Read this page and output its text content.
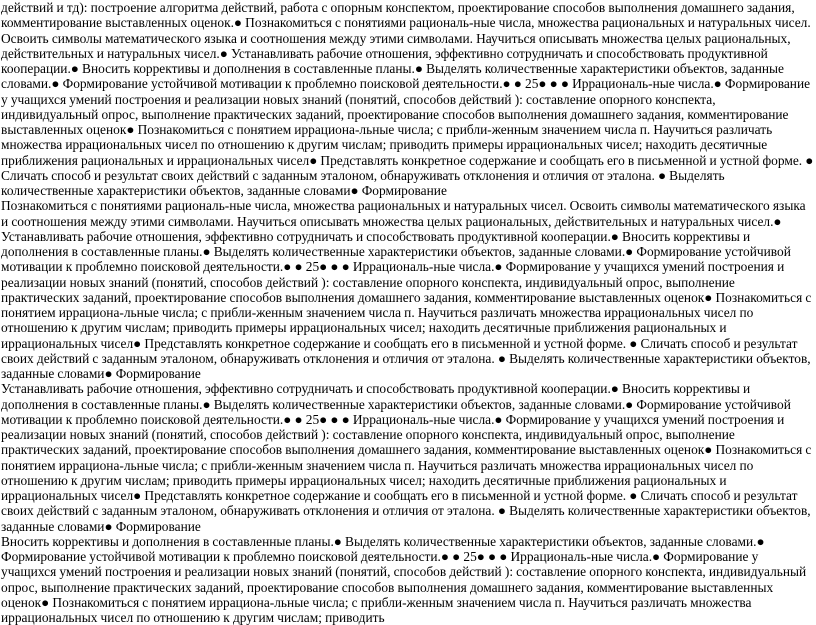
действий и тд): построение алгоритма действий, работа с опорным конспектом, проектирование способов выполнения домашнего задания, комментирование выставленных оценок.● Познакомиться с понятиями рациональ-ные числа, множества рациональных и натуральных чисел. Освоить символы математического языка и соотношения между этими символами. Научиться описывать множества целых рациональных, действительных и натуральных чисел.● Устанавливать рабочие отношения, эффективно сотрудничать и способствовать продуктивной кооперации.● Вносить коррективы и дополнения в составленные планы.● Выделять количественные характеристики объектов, заданные словами.● Формирование устойчивой мотивации к проблемно поисковой деятельности.● ● 25● ● ● Иррациональ-ные числа.● Формирование у учащихся умений построения и реализации новых знаний (понятий, способов действий ): составление опорного конспекта, индивидуальный опрос, выполнение практических заданий, проектирование способов выполнения домашнего задания, комментирование выставленных оценок● Познакомиться с понятием иррациона-льные числа; с прибли-женным значением числа п. Научиться различать множества иррациональных чисел по отношению к другим числам; приводить примеры иррациональных чисел; находить десятичные приближения рациональных и иррациональных чисел● Представлять конкретное содержание и сообщать его в письменной и устной форме. ● Сличать способ и результат своих действий с заданным эталоном, обнаруживать отклонения и отличия от эталона. ● Выделять количественные характеристики объектов, заданные словами● Формирование

Познакомиться с понятиями рациональ-ные числа, множества рациональных и натуральных чисел. Освоить символы математического языка и соотношения между этими символами. Научиться описывать множества целых рациональных, действительных и натуральных чисел.● Устанавливать рабочие отношения, эффективно сотрудничать и способствовать продуктивной кооперации.● Вносить коррективы и дополнения в составленные планы.● Выделять количественные характеристики объектов, заданные словами.● Формирование устойчивой мотивации к проблемно поисковой деятельности.● ● 25● ● ● Иррациональ-ные числа.● Формирование у учащихся умений построения и реализации новых знаний (понятий, способов действий ): составление опорного конспекта, индивидуальный опрос, выполнение практических заданий, проектирование способов выполнения домашнего задания, комментирование выставленных оценок● Познакомиться с понятием иррациона-льные числа; с прибли-женным значением числа п. Научиться различать множества иррациональных чисел по отношению к другим числам; приводить примеры иррациональных чисел; находить десятичные приближения рациональных и иррациональных чисел● Представлять конкретное содержание и сообщать его в письменной и устной форме. ● Сличать способ и результат своих действий с заданным эталоном, обнаруживать отклонения и отличия от эталона. ● Выделять количественные характеристики объектов, заданные словами● Формирование

Устанавливать рабочие отношения, эффективно сотрудничать и способствовать продуктивной кооперации.● Вносить коррективы и дополнения в составленные планы.● Выделять количественные характеристики объектов, заданные словами.● Формирование устойчивой мотивации к проблемно поисковой деятельности.● ● 25● ● ● Иррациональ-ные числа.● Формирование у учащихся умений построения и реализации новых знаний (понятий, способов действий ): составление опорного конспекта, индивидуальный опрос, выполнение практических заданий, проектирование способов выполнения домашнего задания, комментирование выставленных оценок● Познакомиться с понятием иррациона-льные числа; с прибли-женным значением числа п. Научиться различать множества иррациональных чисел по отношению к другим числам; приводить примеры иррациональных чисел; находить десятичные приближения рациональных и иррациональных чисел● Представлять конкретное содержание и сообщать его в письменной и устной форме. ● Сличать способ и результат своих действий с заданным эталоном, обнаруживать отклонения и отличия от эталона. ● Выделять количественные характеристики объектов, заданные словами● Формирование

Вносить коррективы и дополнения в составленные планы.● Выделять количественные характеристики объектов, заданные словами.● Формирование устойчивой мотивации к проблемно поисковой деятельности.● ● 25● ● ● Иррациональ-ные числа.● Формирование у учащихся умений построения и реализации новых знаний (понятий, способов действий ): составление опорного конспекта, индивидуальный опрос, выполнение практических заданий, проектирование способов выполнения домашнего задания, комментирование выставленных оценок● Познакомиться с понятием иррациона-льные числа; с прибли-женным значением числа п. Научиться различать множества иррациональных чисел по отношению к другим числам; приводить
